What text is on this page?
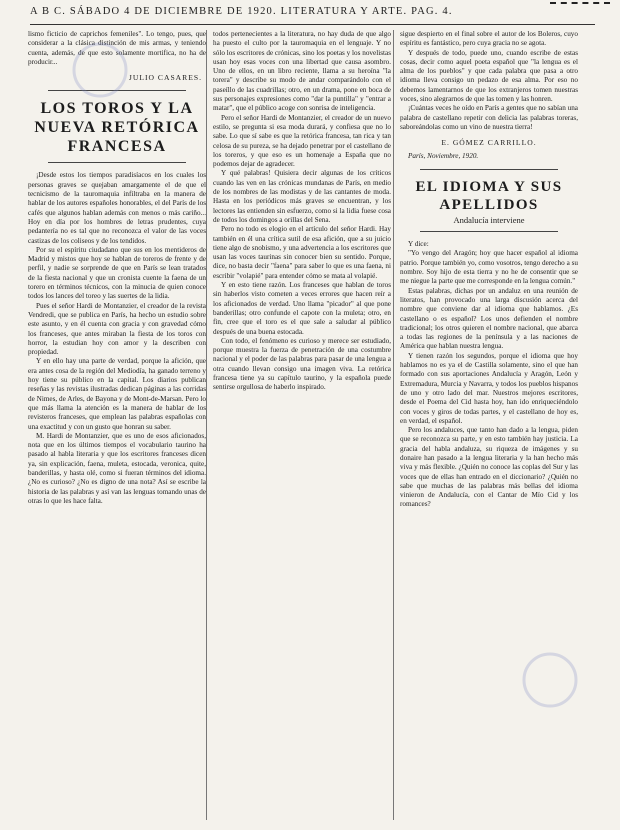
A B C. SÁBADO 4 DE DICIEMBRE DE 1920. LITERATURA Y ARTE. PAG. 4.

lismo ficticio de caprichos femeniles". Lo tengo, pues, que considerar a la clásica distinción de mis armas, y teniendo cuenta, además, de que esto solamente mortifica, no ha de producir...

JULIO CASARES.
LOS TOROS Y LA NUEVA RETÓRICA FRANCESA

¡Desde estos los tiempos paradisíacos en los cuales los personas graves se quejaban amargamente el de que el tecnicismo de la tauromaquia infiltraba en la manera de hablar de los autores españoles honorables, el del París de los cafés que algunos hablan además con menos o más cariño... Hoy en día por los hombres de letras prudentes, cuya pedantería no es tal que no reconozca el valor de las voces castizas de los coliseos y de los tendidos.

Por su el espíritu ciudadano que sus en los mentideros de Madrid y mistos que hoy se hablan de toreros de frente y de perfil, y nadie se sorprende de que en París se lean tratados de la fiesta nacional y que un cronista cuente la faena de un torero en términos técnicos, con la minucia de quien conoce todos los lances del toreo y las suertes de la lidia.

Pues el señor Hardi de Montanzier, el creador de la revista Vendredi, que se publica en París, ha hecho un estudio sobre este asunto, y en él cuenta con gracia y con gravedad cómo los franceses, que antes miraban la fiesta de los toros con horror, la estudian hoy con amor y la describen con propiedad.

Y en ello hay una parte de verdad, porque la afición, que era antes cosa de la región del Mediodía, ha ganado terreno y hoy tiene su público en la capital. Los diarios publican reseñas y las revistas ilustradas dedican páginas a las corridas de Nimes, de Arles, de Bayona y de Mont-de-Marsan. Pero lo que más llama la atención es la manera de hablar de los revisteros franceses, que emplean las palabras españolas con una exactitud y con un gusto que honran su saber.

M. Hardi de Montanzier, que es uno de esos aficionados, nota que en los últimos tiempos el vocabulario taurino ha pasado al habla literaria y que los escritores franceses dicen ya, sin explicación, faena, muleta, estocada, veronica, quite, banderillas, y hasta olé, como si fueran términos del idioma. ¿No es curioso? ¿No es digno de una nota? Así se escribe la historia de las palabras y así van las lenguas tomando unas de otras lo que les hace falta.

todos pertenecientes a la literatura, no hay duda de que algo ha puesto el culto por la tauromaquia en el lenguaje. Y no sólo los escritores de crónicas, sino los poetas y los novelistas usan hoy esas voces con una libertad que causa asombro. Uno de ellos, en un libro reciente, llama a su heroína "la torera" y describe su modo de andar comparándolo con el paseíllo de las cuadrillas; otro, en un drama, pone en boca de sus personajes expresiones como "dar la puntilla" y "entrar a matar", que el público acoge con sonrisa de inteligencia.

Pero el señor Hardi de Montanzier, el creador de un nuevo estilo, se pregunta si esa moda durará, y confiesa que no lo sabe. Lo que sí sabe es que la retórica francesa, tan rica y tan celosa de su pureza, se ha dejado penetrar por el castellano de los toreros, y que eso es un homenaje a España que no podemos dejar de agradecer.

Y qué palabras! Quisiera decir algunas de los críticos cuando las ven en las crónicas mundanas de París, en medio de los nombres de las modistas y de las cantantes de moda. Hasta en los periódicos más graves se encuentran, y los lectores las entienden sin esfuerzo, como si la lidia fuese cosa de todos los domingos a orillas del Sena.

Pero no todo es elogio en el artículo del señor Hardi. Hay también en él una crítica sutil de esa afición, que a su juicio tiene algo de snobismo, y una advertencia a los escritores que usan las voces taurinas sin conocer bien su sentido. Porque, dice, no basta decir "faena" para saber lo que es una faena, ni escribir "volapié" para entender cómo se mata al volapié.

Y en esto tiene razón. Los franceses que hablan de toros sin haberlos visto cometen a veces errores que hacen reír a los aficionados de verdad. Uno llama "picador" al que pone banderillas; otro confunde el capote con la muleta; otro, en fin, cree que el toro es el que sale a saludar al público después de una buena estocada.

Con todo, el fenómeno es curioso y merece ser estudiado, porque muestra la fuerza de penetración de una costumbre nacional y el poder de las palabras para pasar de una lengua a otra cuando llevan consigo una imagen viva. La retórica francesa tiene ya su capítulo taurino, y la española puede sentirse orgullosa de haberlo inspirado.

sigue despierto en el final sobre el autor de los Boleros, cuyo espíritu es fantástico, pero cuya gracia no se agota.

Y después de todo, puede uno, cuando escribe de estas cosas, decir como aquel poeta español que "la lengua es el alma de los pueblos" y que cada palabra que pasa a otro idioma lleva consigo un pedazo de esa alma. Por eso no debemos lamentarnos de que los extranjeros tomen nuestras voces, sino alegrarnos de que las tomen y las honren.

¡Cuántas veces he oído en París a gentes que no sabían una palabra de castellano repetir con delicia las palabras toreras, saboreándolas como un vino de nuestra tierra!

E. GÓMEZ CARRILLO.

París, Noviembre, 1920.

EL IDIOMA Y SUS APELLIDOS
Andalucía interviene

Y dice:

"Yo vengo del Aragón; hoy que hacer español al idioma patrio. Porque también yo, como vosotros, tengo derecho a su nombre. Soy hijo de esta tierra y no he de consentir que se me niegue la parte que me corresponde en la lengua común."

Estas palabras, dichas por un andaluz en una reunión de literatos, han provocado una larga discusión acerca del nombre que conviene dar al idioma que hablamos. ¿Es castellano o es español? Los unos defienden el nombre tradicional; los otros quieren el nombre nacional, que abarca a todas las regiones de la península y a las naciones de América que hablan nuestra lengua.

Y tienen razón los segundos, porque el idioma que hoy hablamos no es ya el de Castilla solamente, sino el que han formado con sus aportaciones Andalucía y Aragón, León y Extremadura, Murcia y Navarra, y todos los pueblos hispanos de uno y otro lado del mar. Nuestros mejores escritores, desde el Poema del Cid hasta hoy, han ido enriqueciéndolo con voces y giros de todas partes, y el castellano de hoy es, en verdad, el español.

Pero los andaluces, que tanto han dado a la lengua, piden que se reconozca su parte, y en esto también hay justicia. La gracia del habla andaluza, su riqueza de imágenes y su donaire han pasado a la lengua literaria y la han hecho más viva y más flexible. ¿Quién no conoce las coplas del Sur y las voces que de ellas han entrado en el diccionario? ¿Quién no sabe que muchas de las palabras más bellas del idioma vinieron de Andalucía, con el Cantar de Mío Cid y los romances?
